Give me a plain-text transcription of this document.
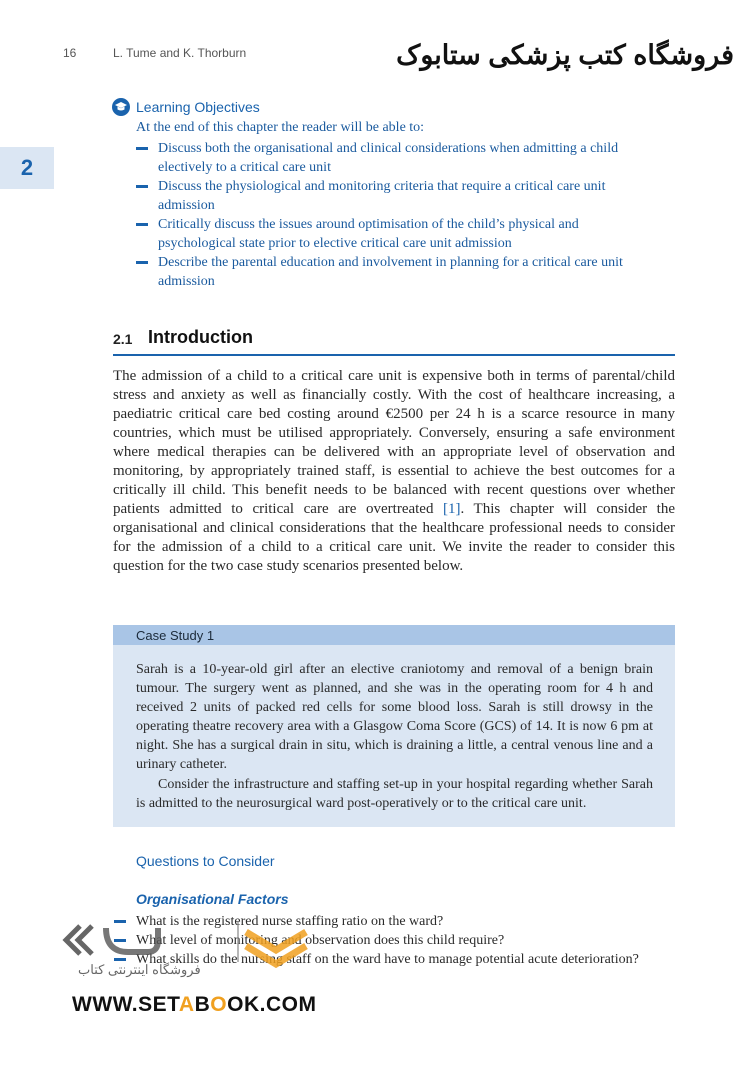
16	L. Tume and K. Thorburn	فروشگاه کتب پزشکی ستابوک
2
Learning Objectives
At the end of this chapter the reader will be able to:
Discuss both the organisational and clinical considerations when admitting a child electively to a critical care unit
Discuss the physiological and monitoring criteria that require a critical care unit admission
Critically discuss the issues around optimisation of the child’s physical and psychological state prior to elective critical care unit admission
Describe the parental education and involvement in planning for a critical care unit admission
2.1 Introduction

The admission of a child to a critical care unit is expensive both in terms of parental/child stress and anxiety as well as financially costly. With the cost of healthcare increasing, a paediatric critical care bed costing around €2500 per 24 h is a scarce resource in many countries, which must be utilised appropriately. Conversely, ensuring a safe environment where medical therapies can be delivered with an appropriate level of observation and monitoring, by appropriately trained staff, is essential to achieve the best outcomes for a critically ill child. This benefit needs to be balanced with recent questions over whether patients admitted to critical care are overtreated [1]. This chapter will consider the organisational and clinical considerations that the healthcare professional needs to consider for the admission of a child to a critical care unit. We invite the reader to consider this question for the two case study scenarios presented below.

Case Study 1

Sarah is a 10-year-old girl after an elective craniotomy and removal of a benign brain tumour. The surgery went as planned, and she was in the operating room for 4 h and received 2 units of packed red cells for some blood loss. Sarah is still drowsy in the operating theatre recovery area with a Glasgow Coma Score (GCS) of 14. It is now 6 pm at night. She has a surgical drain in situ, which is draining a little, a central venous line and a urinary catheter.

Consider the infrastructure and staffing set-up in your hospital regarding whether Sarah is admitted to the neurosurgical ward post-operatively or to the critical care unit.

Questions to Consider
Organisational Factors
What is the registered nurse staffing ratio on the ward?
What level of monitoring and observation does this child require?
What skills do the nursing staff on the ward have to manage potential acute deterioration?
فروشگاه اینترنتی کتاب
WWW.SETABOOK.COM
